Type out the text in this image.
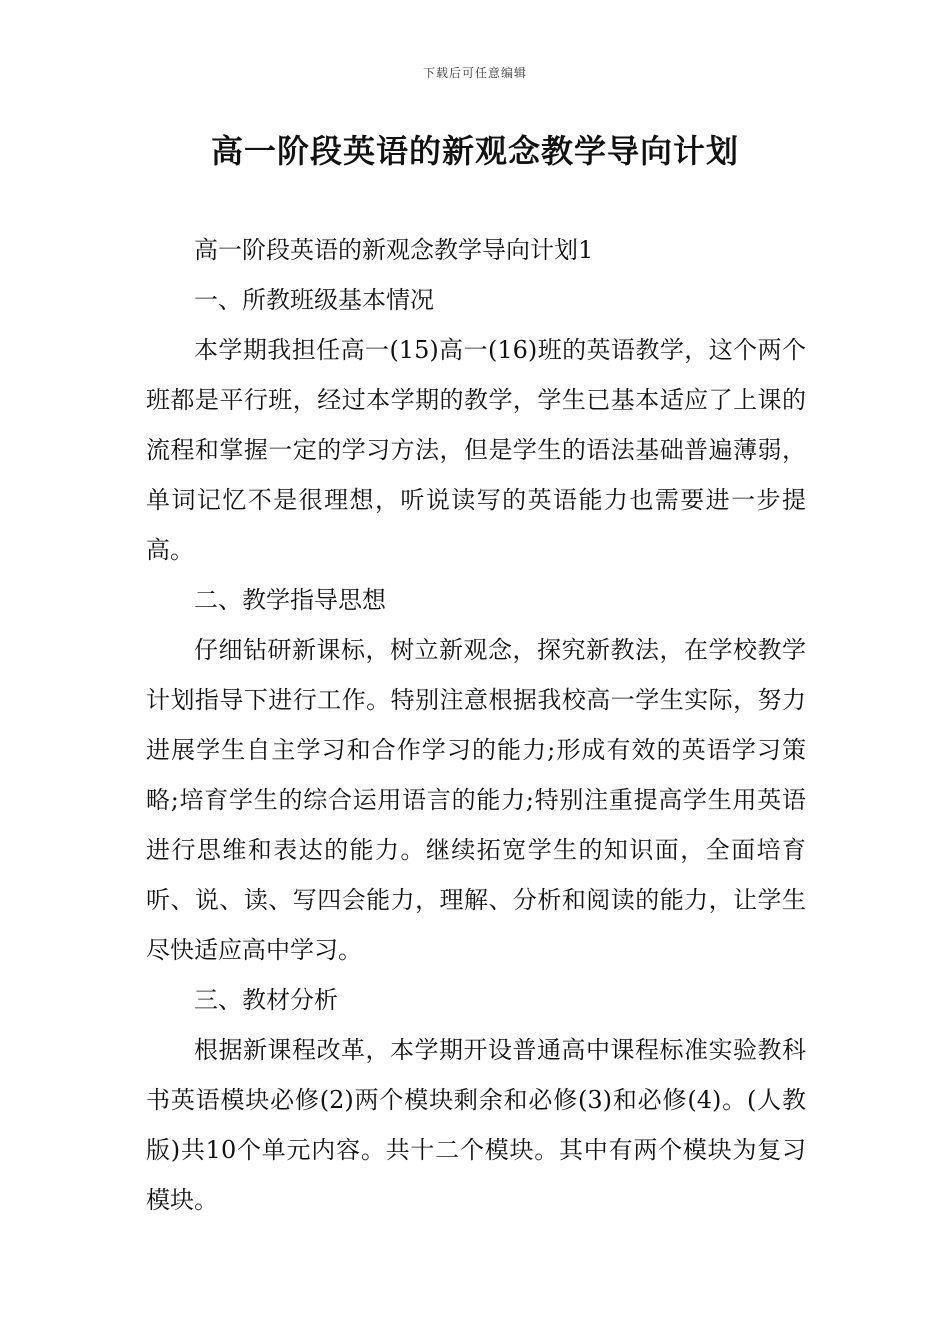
下载后可任意编辑
高一阶段英语的新观念教学导向计划

高一阶段英语的新观念教学导向计划1

一、所教班级基本情况

本学期我担任高一(15)高一(16)班的英语教学，这个两个班都是平行班，经过本学期的教学，学生已基本适应了上课的流程和掌握一定的学习方法，但是学生的语法基础普遍薄弱，单词记忆不是很理想，听说读写的英语能力也需要进一步提高。

二、教学指导思想

仔细钻研新课标，树立新观念，探究新教法，在学校教学计划指导下进行工作。特别注意根据我校高一学生实际，努力进展学生自主学习和合作学习的能力;形成有效的英语学习策略;培育学生的综合运用语言的能力;特别注重提高学生用英语进行思维和表达的能力。继续拓宽学生的知识面，全面培育听、说、读、写四会能力，理解、分析和阅读的能力，让学生尽快适应高中学习。

三、教材分析

根据新课程改革，本学期开设普通高中课程标准实验教科书英语模块必修(2)两个模块剩余和必修(3)和必修(4)。(人教版)共10个单元内容。共十二个模块。其中有两个模块为复习模块。
